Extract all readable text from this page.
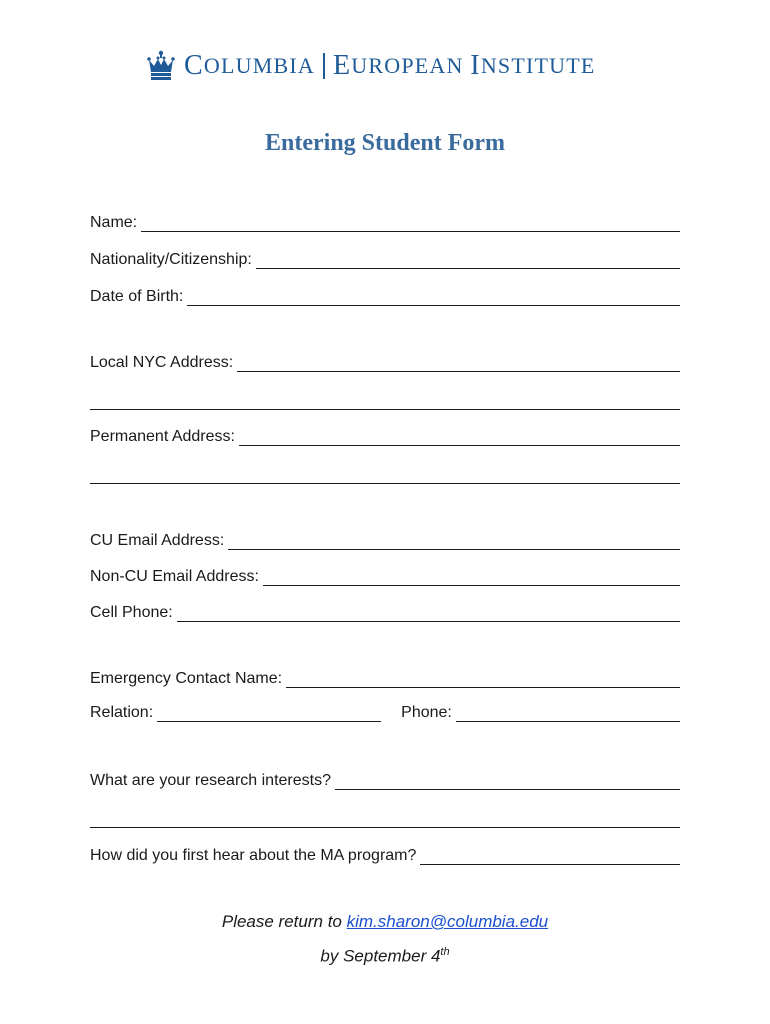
C OLUMBIA E UROPEAN I NSTITUTE
Entering Student Form
Name:
Nationality/Citizenship:
Date of Birth:
Local NYC Address:
Permanent Address:
CU Email Address:
Non-CU Email Address:
Cell Phone:
Emergency Contact Name:
Relation:	Phone:
What are your research interests?
How did you first hear about the MA program?
Please return to kim.sharon@columbia.edu
by September 4th
